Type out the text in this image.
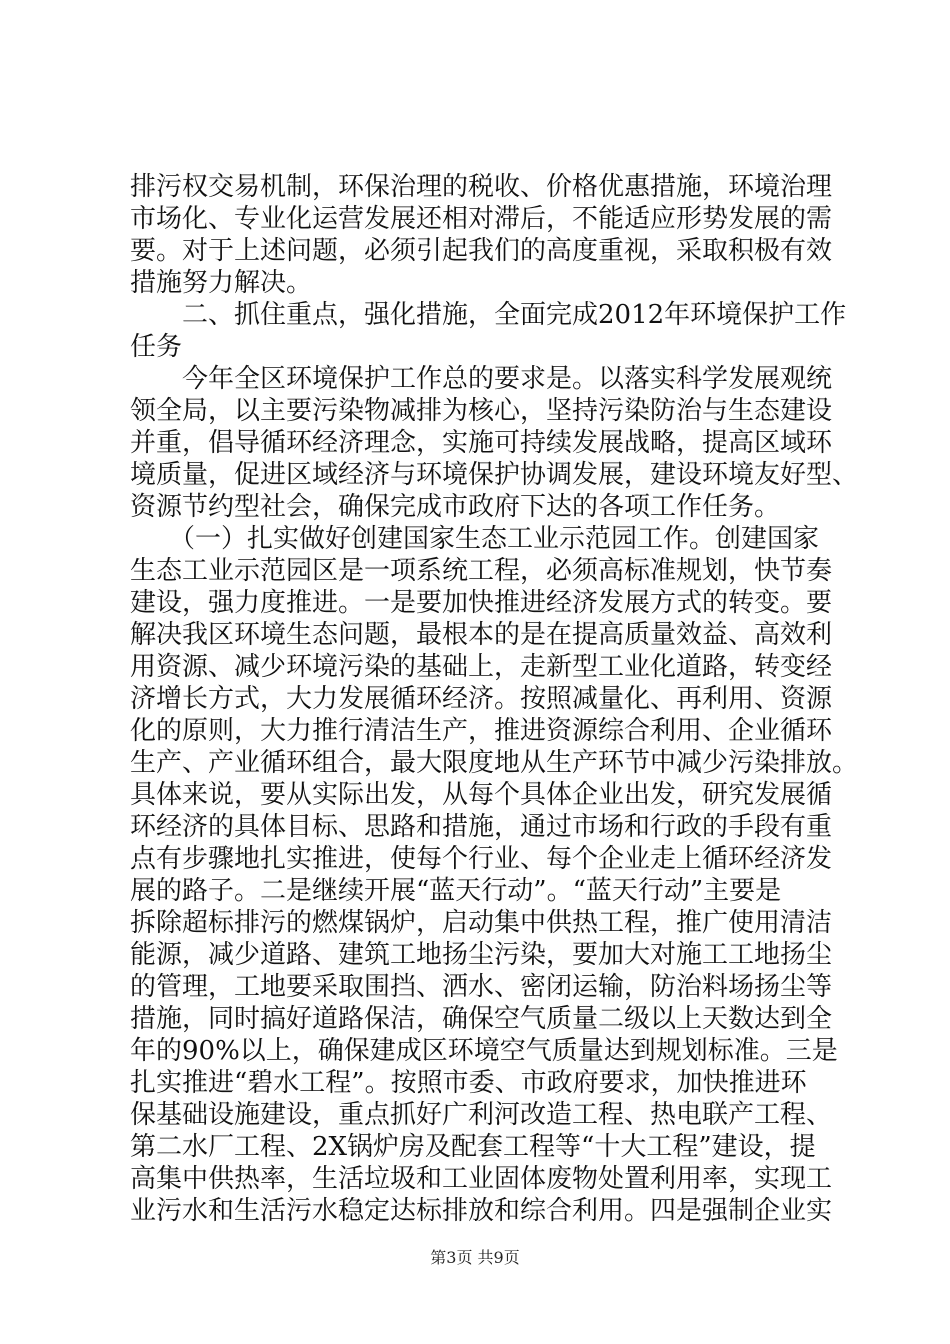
排污权交易机制，环保治理的税收、价格优惠措施，环境治理
市场化、专业化运营发展还相对滞后，不能适应形势发展的需
要。对于上述问题，必须引起我们的高度重视，采取积极有效
措施努力解决。
　　二、抓住重点，强化措施，全面完成2012年环境保护工作
任务
　　今年全区环境保护工作总的要求是。以落实科学发展观统
领全局，以主要污染物减排为核心，坚持污染防治与生态建设
并重，倡导循环经济理念，实施可持续发展战略，提高区域环
境质量，促进区域经济与环境保护协调发展，建设环境友好型、
资源节约型社会，确保完成市政府下达的各项工作任务。
　　（一）扎实做好创建国家生态工业示范园工作。创建国家
生态工业示范园区是一项系统工程，必须高标准规划，快节奏
建设，强力度推进。一是要加快推进经济发展方式的转变。要
解决我区环境生态问题，最根本的是在提高质量效益、高效利
用资源、减少环境污染的基础上，走新型工业化道路，转变经
济增长方式，大力发展循环经济。按照减量化、再利用、资源
化的原则，大力推行清洁生产，推进资源综合利用、企业循环
生产、产业循环组合，最大限度地从生产环节中减少污染排放。
具体来说，要从实际出发，从每个具体企业出发，研究发展循
环经济的具体目标、思路和措施，通过市场和行政的手段有重
点有步骤地扎实推进，使每个行业、每个企业走上循环经济发
展的路子。二是继续开展“蓝天行动”。“蓝天行动”主要是
拆除超标排污的燃煤锅炉，启动集中供热工程，推广使用清洁
能源，减少道路、建筑工地扬尘污染，要加大对施工工地扬尘
的管理，工地要采取围挡、洒水、密闭运输，防治料场扬尘等
措施，同时搞好道路保洁，确保空气质量二级以上天数达到全
年的90%以上，确保建成区环境空气质量达到规划标准。三是
扎实推进“碧水工程”。按照市委、市政府要求，加快推进环
保基础设施建设，重点抓好广利河改造工程、热电联产工程、
第二水厂工程、2X锅炉房及配套工程等“十大工程”建设，提
高集中供热率，生活垃圾和工业固体废物处置利用率，实现工
业污水和生活污水稳定达标排放和综合利用。四是强制企业实
第3页 共9页
